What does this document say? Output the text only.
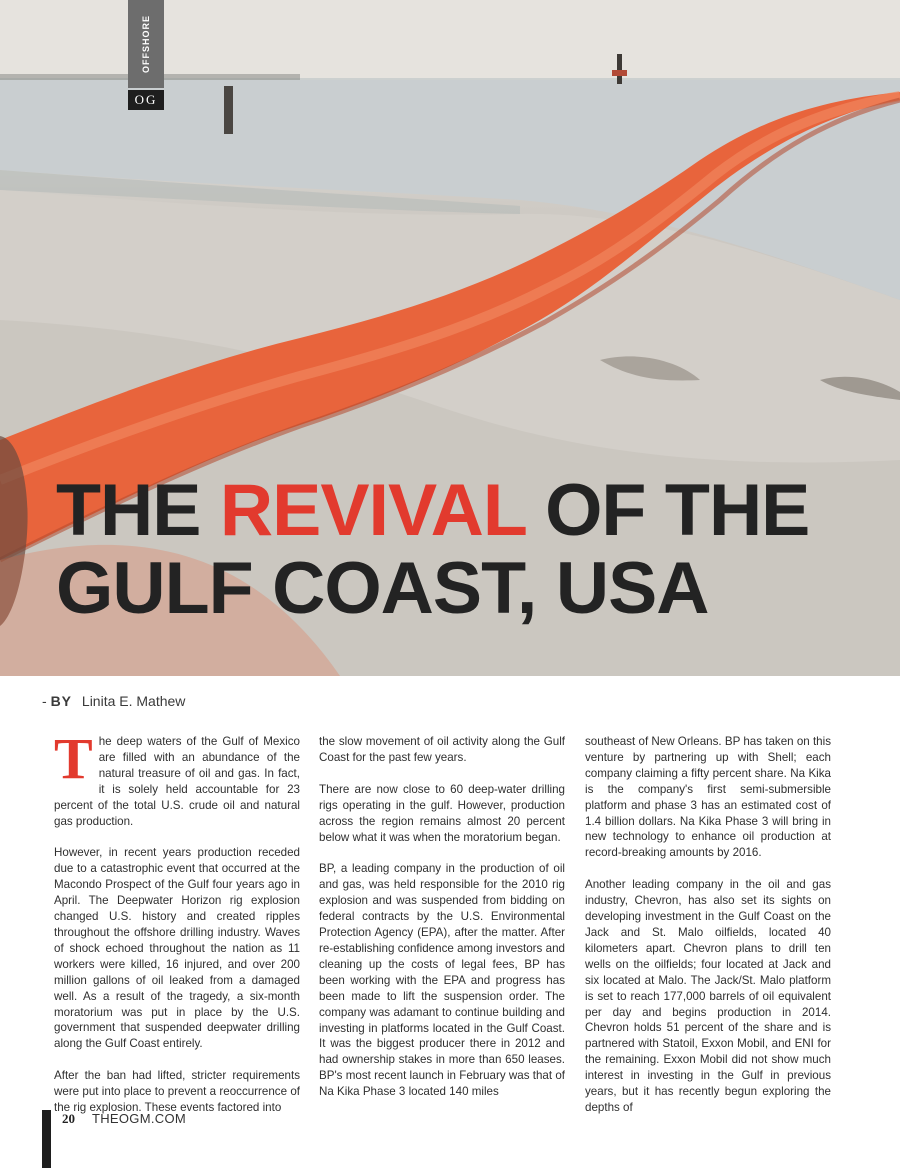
OFFSHORE
OG
THE REVIVAL OF THE
GULF COAST, USA
- BY Linita E. Mathew

The deep waters of the Gulf of Mexico are filled with an abundance of the natural treasure of oil and gas. In fact, it is solely held accountable for 23 percent of the total U.S. crude oil and natural gas production.

However, in recent years production receded due to a catastrophic event that occurred at the Macondo Prospect of the Gulf four years ago in April. The Deepwater Horizon rig explosion changed U.S. history and created ripples throughout the offshore drilling industry. Waves of shock echoed throughout the nation as 11 workers were killed, 16 injured, and over 200 million gallons of oil leaked from a damaged well. As a result of the tragedy, a six-month moratorium was put in place by the U.S. government that suspended deepwater drilling along the Gulf Coast entirely.

After the ban had lifted, stricter requirements were put into place to prevent a reoccurrence of the rig explosion. These events factored into

the slow movement of oil activity along the Gulf Coast for the past few years.

There are now close to 60 deep-water drilling rigs operating in the gulf. However, production across the region remains almost 20 percent below what it was when the moratorium began.

BP, a leading company in the production of oil and gas, was held responsible for the 2010 rig explosion and was suspended from bidding on federal contracts by the U.S. Environmental Protection Agency (EPA), after the matter. After re-establishing confidence among investors and cleaning up the costs of legal fees, BP has been working with the EPA and progress has been made to lift the suspension order. The company was adamant to continue building and investing in platforms located in the Gulf Coast. It was the biggest producer there in 2012 and had ownership stakes in more than 650 leases. BP's most recent launch in February was that of Na Kika Phase 3 located 140 miles

southeast of New Orleans. BP has taken on this venture by partnering up with Shell; each company claiming a fifty percent share. Na Kika is the company's first semi-submersible platform and phase 3 has an estimated cost of 1.4 billion dollars. Na Kika Phase 3 will bring in new technology to enhance oil production at record-breaking amounts by 2016.

Another leading company in the oil and gas industry, Chevron, has also set its sights on developing investment in the Gulf Coast on the Jack and St. Malo oilfields, located 40 kilometers apart. Chevron plans to drill ten wells on the oilfields; four located at Jack and six located at Malo. The Jack/St. Malo platform is set to reach 177,000 barrels of oil equivalent per day and begins production in 2014. Chevron holds 51 percent of the share and is partnered with Statoil, Exxon Mobil, and ENI for the remaining. Exxon Mobil did not show much interest in investing in the Gulf in previous years, but it has recently begun exploring the depths of

20 THEOGM.COM
